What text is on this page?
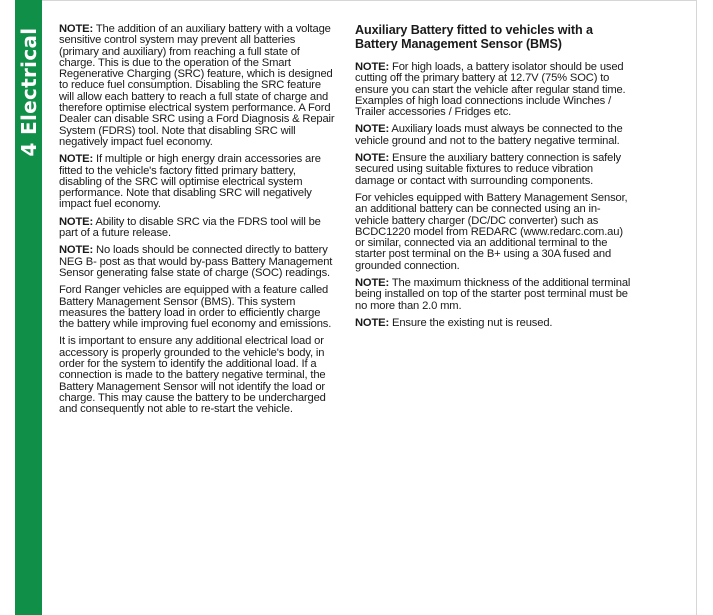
4 Electrical NOTE: The addition of an auxiliary battery with a voltage sensitive control system may prevent all batteries (primary and auxiliary) from reaching a full state of charge. This is due to the operation of the Smart Regenerative Charging (SRC) feature, which is designed to reduce fuel consumption. Disabling the SRC feature will allow each battery to reach a full state of charge and therefore optimise electrical system performance. A Ford Dealer can disable SRC using a Ford Diagnosis & Repair System (FDRS) tool. Note that disabling SRC will negatively impact fuel economy.

NOTE: If multiple or high energy drain accessories are fitted to the vehicle's factory fitted primary battery, disabling of the SRC will optimise electrical system performance. Note that disabling SRC will negatively impact fuel economy.

NOTE: Ability to disable SRC via the FDRS tool will be part of a future release.

NOTE: No loads should be connected directly to battery NEG B- post as that would by-pass Battery Management Sensor generating false state of charge (SOC) readings.

Ford Ranger vehicles are equipped with a feature called Battery Management Sensor (BMS). This system measures the battery load in order to efficiently charge the battery while improving fuel economy and emissions.

It is important to ensure any additional electrical load or accessory is properly grounded to the vehicle's body, in order for the system to identify the additional load. If a connection is made to the battery negative terminal, the Battery Management Sensor will not identify the load or charge. This may cause the battery to be undercharged and consequently not able to re-start the vehicle.

Auxiliary Battery fitted to vehicles with a Battery Management Sensor (BMS)

NOTE: For high loads, a battery isolator should be used cutting off the primary battery at 12.7V (75% SOC) to ensure you can start the vehicle after regular stand time. Examples of high load connections include Winches / Trailer accessories / Fridges etc.

NOTE: Auxiliary loads must always be connected to the vehicle ground and not to the battery negative terminal.

NOTE: Ensure the auxiliary battery connection is safely secured using suitable fixtures to reduce vibration damage or contact with surrounding components.

For vehicles equipped with Battery Management Sensor, an additional battery can be connected using an in-vehicle battery charger (DC/DC converter) such as BCDC1220 model from REDARC (www.redarc.com.au) or similar, connected via an additional terminal to the starter post terminal on the B+ using a 30A fused and grounded connection.

NOTE: The maximum thickness of the additional terminal being installed on top of the starter post terminal must be no more than 2.0 mm.

NOTE: Ensure the existing nut is reused.
